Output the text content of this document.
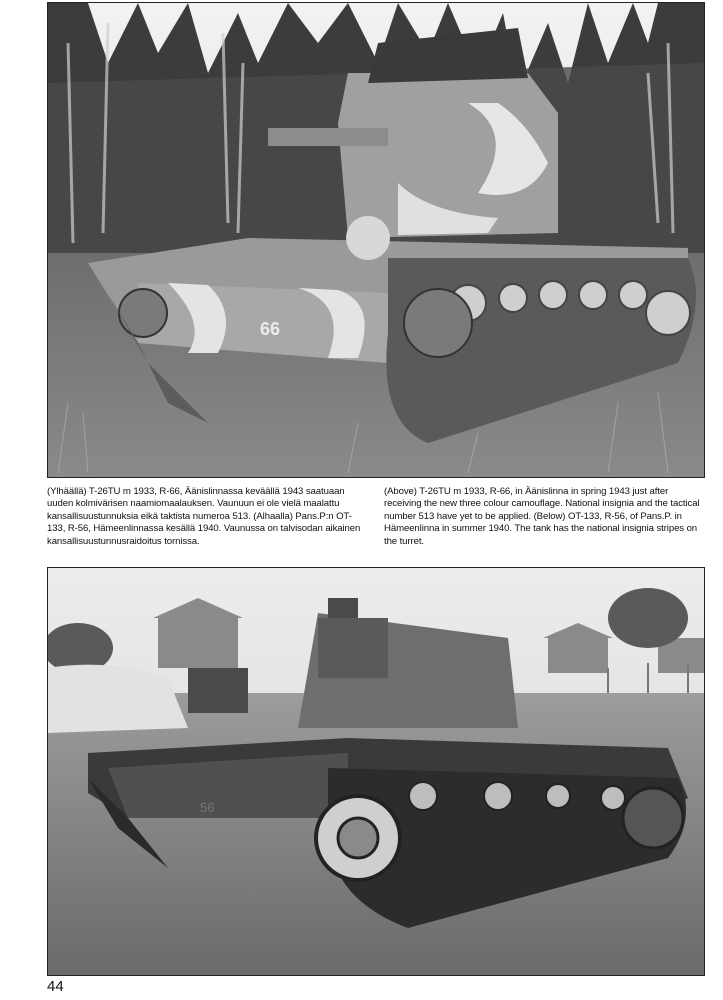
66
(Ylhäällä) T-26TU m 1933, R-66, Äänislinnassa keväällä 1943 saatuaan uuden kolmivärisen naamiomaalauksen. Vaunuun ei ole vielä maalattu kansallisuustunnuksia eikä taktista numeroa 513. (Alhaalla) Pans.P:n OT-133, R-56, Hämeenlinnassa kesällä 1940. Vaunussa on talvisodan aikainen kansallisuustunnusraidoitus tornissa.
(Above) T-26TU m 1933, R-66, in Äänislinna in spring 1943 just after receiving the new three colour camouflage. National insignia and the tactical number 513 have yet to be applied. (Below) OT-133, R-56, of Pans.P. in Hämeenlinna in summer 1940. The tank has the national insignia stripes on the turret.
56
44
